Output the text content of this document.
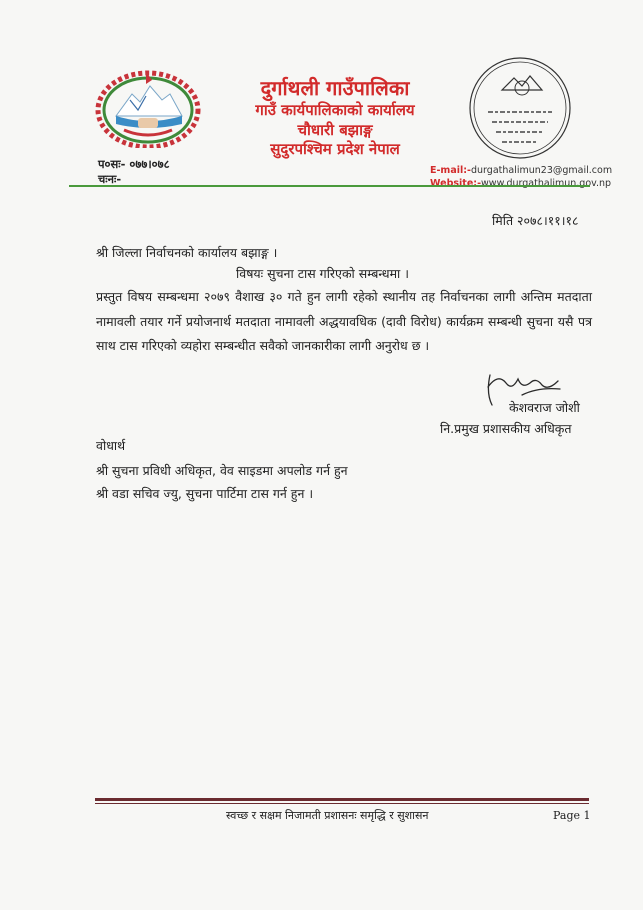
दुर्गाथली गाउँपालिका
गाउँ कार्यपालिकाको कार्यालय
चौधारी बझाङ्ग
सुदुरपश्चिम प्रदेश नेपाल
E-mail:-durgathalimun23@gmail.com
Website:-www.durgathalimun.gov.np
प०सः- ०७७।०७८
चःनः-
मिति २०७८।११।१८
श्री जिल्ला निर्वाचनको कार्यालय बझाङ्ग ।
विषयः सुचना टास गरिएको सम्बन्धमा ।
प्रस्तुत विषय सम्बन्धमा २०७९ वैशाख ३० गते हुन लागी रहेको स्थानीय तह निर्वाचनका लागी अन्तिम मतदाता नामावली तयार गर्ने प्रयोजनार्थ मतदाता नामावली अद्धयावधिक (दावी विरोध) कार्यक्रम सम्बन्धी सुचना यसै पत्र साथ टास गरिएको व्यहोरा सम्बन्धीत सवैको जानकारीका लागी अनुरोध छ ।
केशवराज जोशी
नि.प्रमुख प्रशासकीय अधिकृत
वोधार्थ
श्री सुचना प्रविधी अधिकृत, वेव साइडमा अपलोड गर्न हुन
श्री वडा सचिव ज्यु, सुचना पार्टिमा टास गर्न हुन ।
स्वच्छ र सक्षम निजामती प्रशासनः समृद्धि र सुशासन	Page 1
